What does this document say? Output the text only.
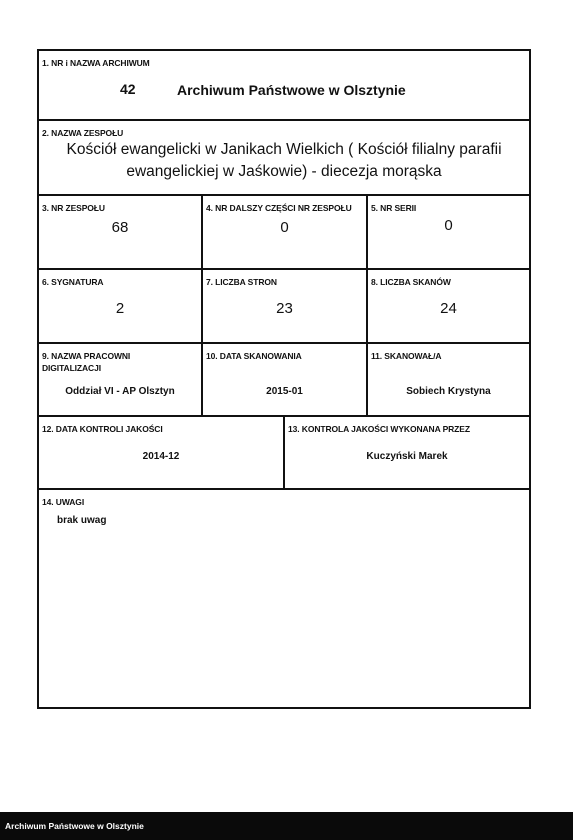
1. NR i NAZWA ARCHIWUM
42	Archiwum Państwowe w Olsztynie
2. NAZWA ZESPOŁU
Kościół ewangelicki w Janikach Wielkich ( Kościół filialny parafii
ewangelickiej w Jaśkowie) - diecezja morąska
3. NR ZESPOŁU
68
4. NR DALSZY CZĘŚCI NR ZESPOŁU
0
5. NR SERII
0
6. SYGNATURA
2
7. LICZBA STRON
23
8. LICZBA SKANÓW
24
9. NAZWA PRACOWNI
DIGITALIZACJI
Oddział VI - AP Olsztyn
10. DATA SKANOWANIA
2015-01
11. SKANOWAŁ/A
Sobiech Krystyna
12. DATA KONTROLI JAKOŚCI
2014-12
13. KONTROLA JAKOŚCI WYKONANA PRZEZ
Kuczyński Marek
14. UWAGI
brak uwag
Archiwum Państwowe w Olsztynie
